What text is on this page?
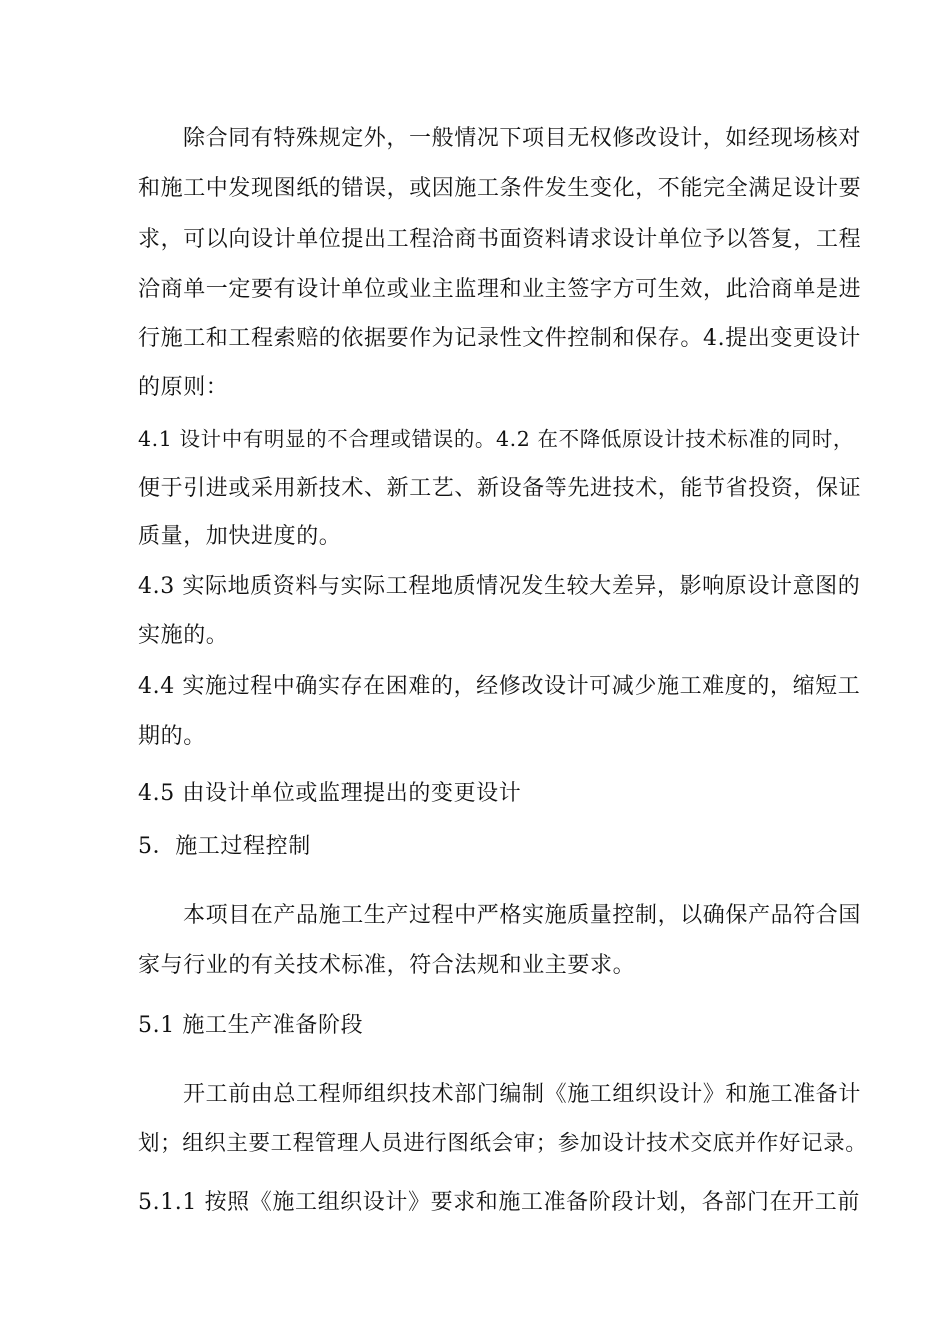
除合同有特殊规定外，一般情况下项目无权修改设计，如经现场核对
和施工中发现图纸的错误，或因施工条件发生变化，不能完全满足设计要
求，可以向设计单位提出工程洽商书面资料请求设计单位予以答复，工程
洽商单一定要有设计单位或业主监理和业主签字方可生效，此洽商单是进
行施工和工程索赔的依据要作为记录性文件控制和保存。4.提出变更设计
的原则：
4.1 设计中有明显的不合理或错误的。4.2 在不降低原设计技术标准的同时，
便于引进或采用新技术、新工艺、新设备等先进技术，能节省投资，保证
质量，加快进度的。
4.3 实际地质资料与实际工程地质情况发生较大差异，影响原设计意图的
实施的。
4.4 实施过程中确实存在困难的，经修改设计可减少施工难度的，缩短工
期的。
4.5 由设计单位或监理提出的变更设计
5．施工过程控制
本项目在产品施工生产过程中严格实施质量控制，以确保产品符合国
家与行业的有关技术标准，符合法规和业主要求。
5.1 施工生产准备阶段
开工前由总工程师组织技术部门编制《施工组织设计》和施工准备计
划；组织主要工程管理人员进行图纸会审；参加设计技术交底并作好记录。
5.1.1 按照《施工组织设计》要求和施工准备阶段计划，各部门在开工前
